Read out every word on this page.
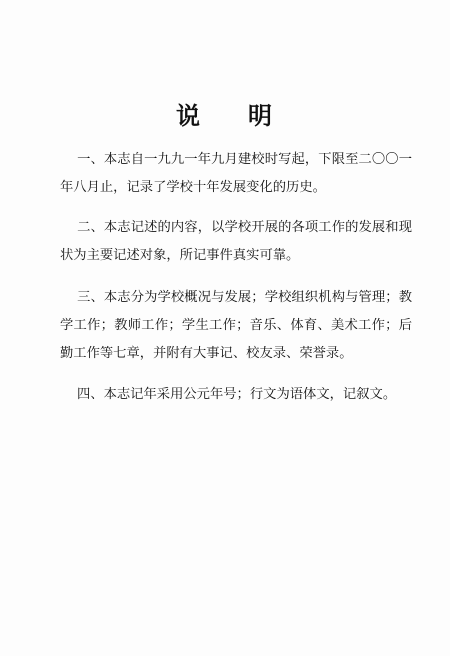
说 明
一、本志自一九九一年九月建校时写起，下限至二〇〇一年八月止，记录了学校十年发展变化的历史。
二、本志记述的内容，以学校开展的各项工作的发展和现状为主要记述对象，所记事件真实可靠。
三、本志分为学校概况与发展；学校组织机构与管理；教学工作；教师工作；学生工作；音乐、体育、美术工作；后勤工作等七章，并附有大事记、校友录、荣誉录。
四、本志记年采用公元年号；行文为语体文，记叙文。
